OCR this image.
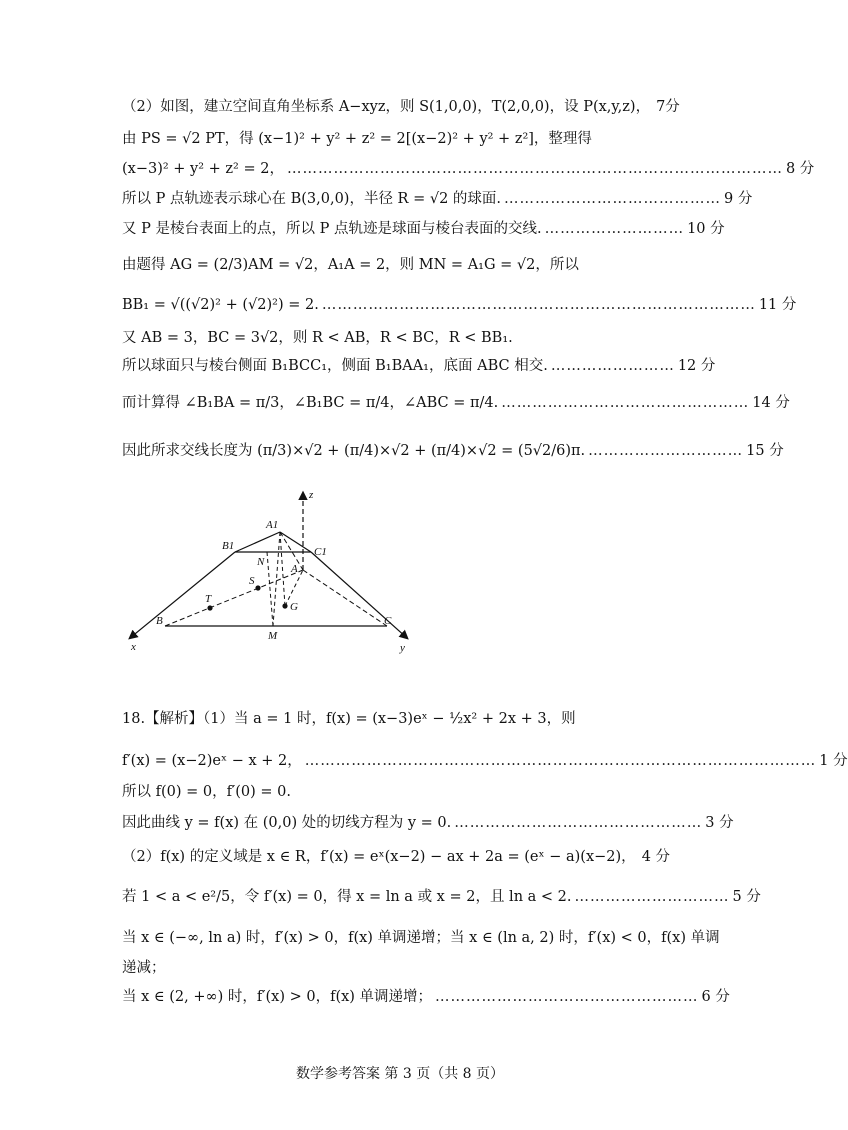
（2）如图，建立空间直角坐标系 A−xyz，则 S(1,0,0)，T(2,0,0)，设 P(x,y,z)， 7分
由 PS = √2 PT，得 (x−1)² + y² + z² = 2[(x−2)² + y² + z²]，整理得
(x−3)² + y² + z² = 2， …………………………………………………………………………………… 8 分
所以 P 点轨迹表示球心在 B(3,0,0)，半径 R = √2 的球面. …………………………………… 9 分
又 P 是棱台表面上的点，所以 P 点轨迹是球面与棱台表面的交线. ……………………… 10 分
由题得 AG = (2/3)AM = √2，A₁A = 2，则 MN = A₁G = √2，所以
BB₁ = √((√2)² + (√2)²) = 2. ………………………………………………………………………… 11 分
又 AB = 3，BC = 3√2，则 R < AB，R < BC，R < BB₁.
所以球面只与棱台侧面 B₁BCC₁，侧面 B₁BAA₁，底面 ABC 相交. …………………… 12 分
而计算得 ∠B₁BA = π/3，∠B₁BC = π/4，∠ABC = π/4. ………………………………………… 14 分
因此所求交线长度为 (π/3)×√2 + (π/4)×√2 + (π/4)×√2 = (5√2/6)π. ………………………… 15 分
z
A1
B1	C1
N
A
S
T
G
B
M
C
x	y
18.【解析】（1）当 a = 1 时，f(x) = (x−3)eˣ − ½x² + 2x + 3，则
f′(x) = (x−2)eˣ − x + 2， ……………………………………………………………………………………… 1 分
所以 f(0) = 0，f′(0) = 0.
因此曲线 y = f(x) 在 (0,0) 处的切线方程为 y = 0. ………………………………………… 3 分
（2）f(x) 的定义域是 x ∈ R，f′(x) = eˣ(x−2) − ax + 2a = (eˣ − a)(x−2)， 4 分
若 1 < a < e²/5，令 f′(x) = 0，得 x = ln a 或 x = 2，且 ln a < 2. ………………………… 5 分
当 x ∈ (−∞, ln a) 时，f′(x) > 0，f(x) 单调递增；当 x ∈ (ln a, 2) 时，f′(x) < 0，f(x) 单调
递减；
当 x ∈ (2, +∞) 时，f′(x) > 0，f(x) 单调递增； …………………………………………… 6 分
数学参考答案 第 3 页（共 8 页）
